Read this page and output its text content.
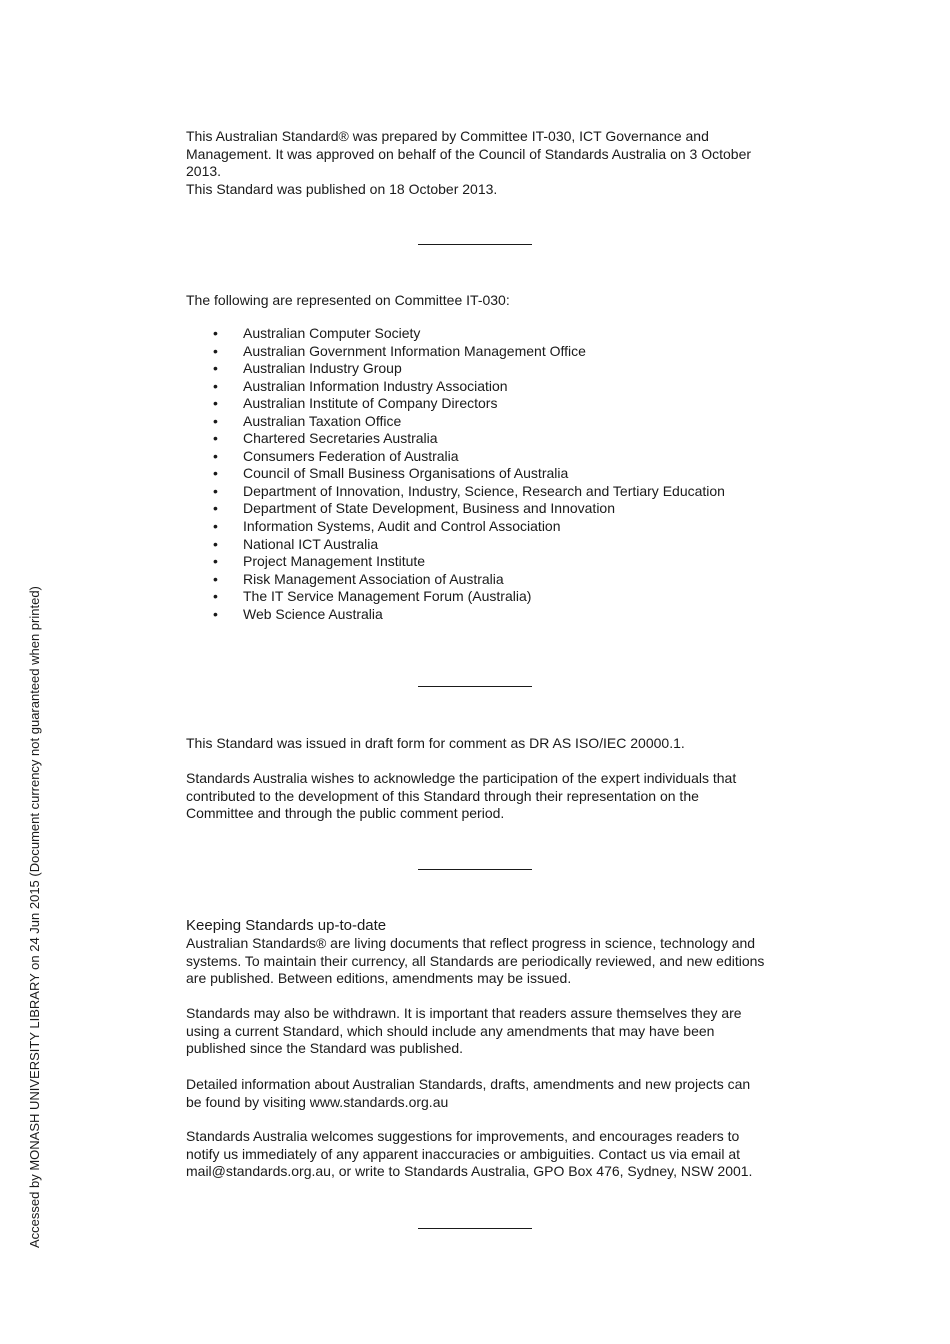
This Australian Standard® was prepared by Committee IT-030, ICT Governance and

Management. It was approved on behalf of the Council of Standards Australia on 3 October

2013.

This Standard was published on 18 October 2013.

The following are represented on Committee IT-030:
• Australian Computer Society
• Australian Government Information Management Office
• Australian Industry Group
• Australian Information Industry Association
• Australian Institute of Company Directors
• Australian Taxation Office
• Chartered Secretaries Australia
• Consumers Federation of Australia
• Council of Small Business Organisations of Australia
• Department of Innovation, Industry, Science, Research and Tertiary Education
• Department of State Development, Business and Innovation
• Information Systems, Audit and Control Association
• National ICT Australia
• Project Management Institute
• Risk Management Association of Australia
• The IT Service Management Forum (Australia)
• Web Science Australia
This Standard was issued in draft form for comment as DR AS ISO/IEC 20000.1.

Standards Australia wishes to acknowledge the participation of the expert individuals that

contributed to the development of this Standard through their representation on the

Committee and through the public comment period.

Keeping Standards up-to-date

Australian Standards® are living documents that reflect progress in science, technology and

systems. To maintain their currency, all Standards are periodically reviewed, and new editions

are published. Between editions, amendments may be issued.

Standards may also be withdrawn. It is important that readers assure themselves they are

using a current Standard, which should include any amendments that may have been

published since the Standard was published.

Detailed information about Australian Standards, drafts, amendments and new projects can

be found by visiting www.standards.org.au

Standards Australia welcomes suggestions for improvements, and encourages readers to

notify us immediately of any apparent inaccuracies or ambiguities. Contact us via email at

mail@standards.org.au, or write to Standards Australia, GPO Box 476, Sydney, NSW 2001.

Accessed by MONASH UNIVERSITY LIBRARY on 24 Jun 2015 (Document currency not guaranteed when printed)
